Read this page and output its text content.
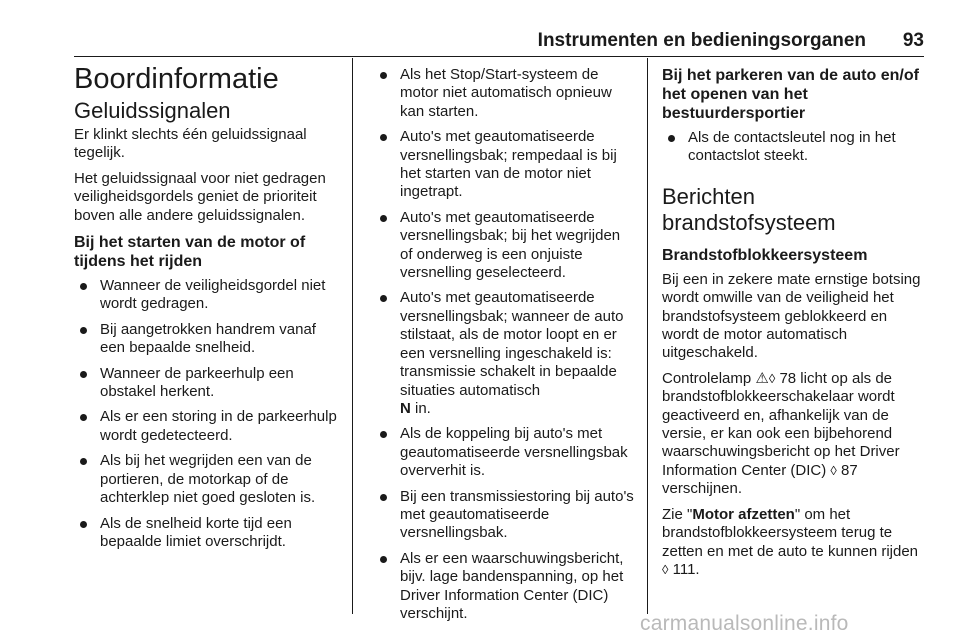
Instrumenten en bedieningsorganen 93
Boordinformatie
Geluidssignalen

Er klinkt slechts één geluidssignaal tegelijk.

Het geluidssignaal voor niet gedragen veiligheidsgordels geniet de prioriteit boven alle andere geluidssignalen.

Bij het starten van de motor of tijdens het rijden
Wanneer de veiligheidsgordel niet wordt gedragen.
Bij aangetrokken handrem vanaf een bepaalde snelheid.
Wanneer de parkeerhulp een obstakel herkent.
Als er een storing in de parkeerhulp wordt gedetecteerd.
Als bij het wegrijden een van de portieren, de motorkap of de achterklep niet goed gesloten is.
Als de snelheid korte tijd een bepaalde limiet overschrijdt.
Als het Stop/Start-systeem de motor niet automatisch opnieuw kan starten.
Auto's met geautomatiseerde versnellingsbak; rempedaal is bij het starten van de motor niet ingetrapt.
Auto's met geautomatiseerde versnellingsbak; bij het wegrijden of onderweg is een onjuiste versnelling geselecteerd.
Auto's met geautomatiseerde versnellingsbak; wanneer de auto stilstaat, als de motor loopt en er een versnelling ingeschakeld is: transmissie schakelt in bepaalde situaties automatisch
N in.
Als de koppeling bij auto's met geautomatiseerde versnellingsbak oververhit is.
Bij een transmissiestoring bij auto's met geautomatiseerde versnellingsbak.
Als er een waarschuwingsbericht, bijv. lage bandenspanning, op het Driver Information Center (DIC) verschijnt.
Bij het parkeren van de auto en/of het openen van het bestuurdersportier
Als de contactsleutel nog in het contactslot steekt.
Berichten
brandstofsysteem
Brandstofblokkeersysteem

Bij een in zekere mate ernstige botsing wordt omwille van de veiligheid het brandstofsysteem geblokkeerd en wordt de motor automatisch uitgeschakeld.

Controlelamp ⚠◊ 78 licht op als de brandstofblokkeerschakelaar wordt geactiveerd en, afhankelijk van de versie, er kan ook een bijbehorend waarschuwingsbericht op het Driver Information Center (DIC) ◊ 87 verschijnen.

Zie "Motor afzetten" om het brandstofblokkeersysteem terug te zetten en met de auto te kunnen rijden
◊ 111.

carmanualsonline.info
